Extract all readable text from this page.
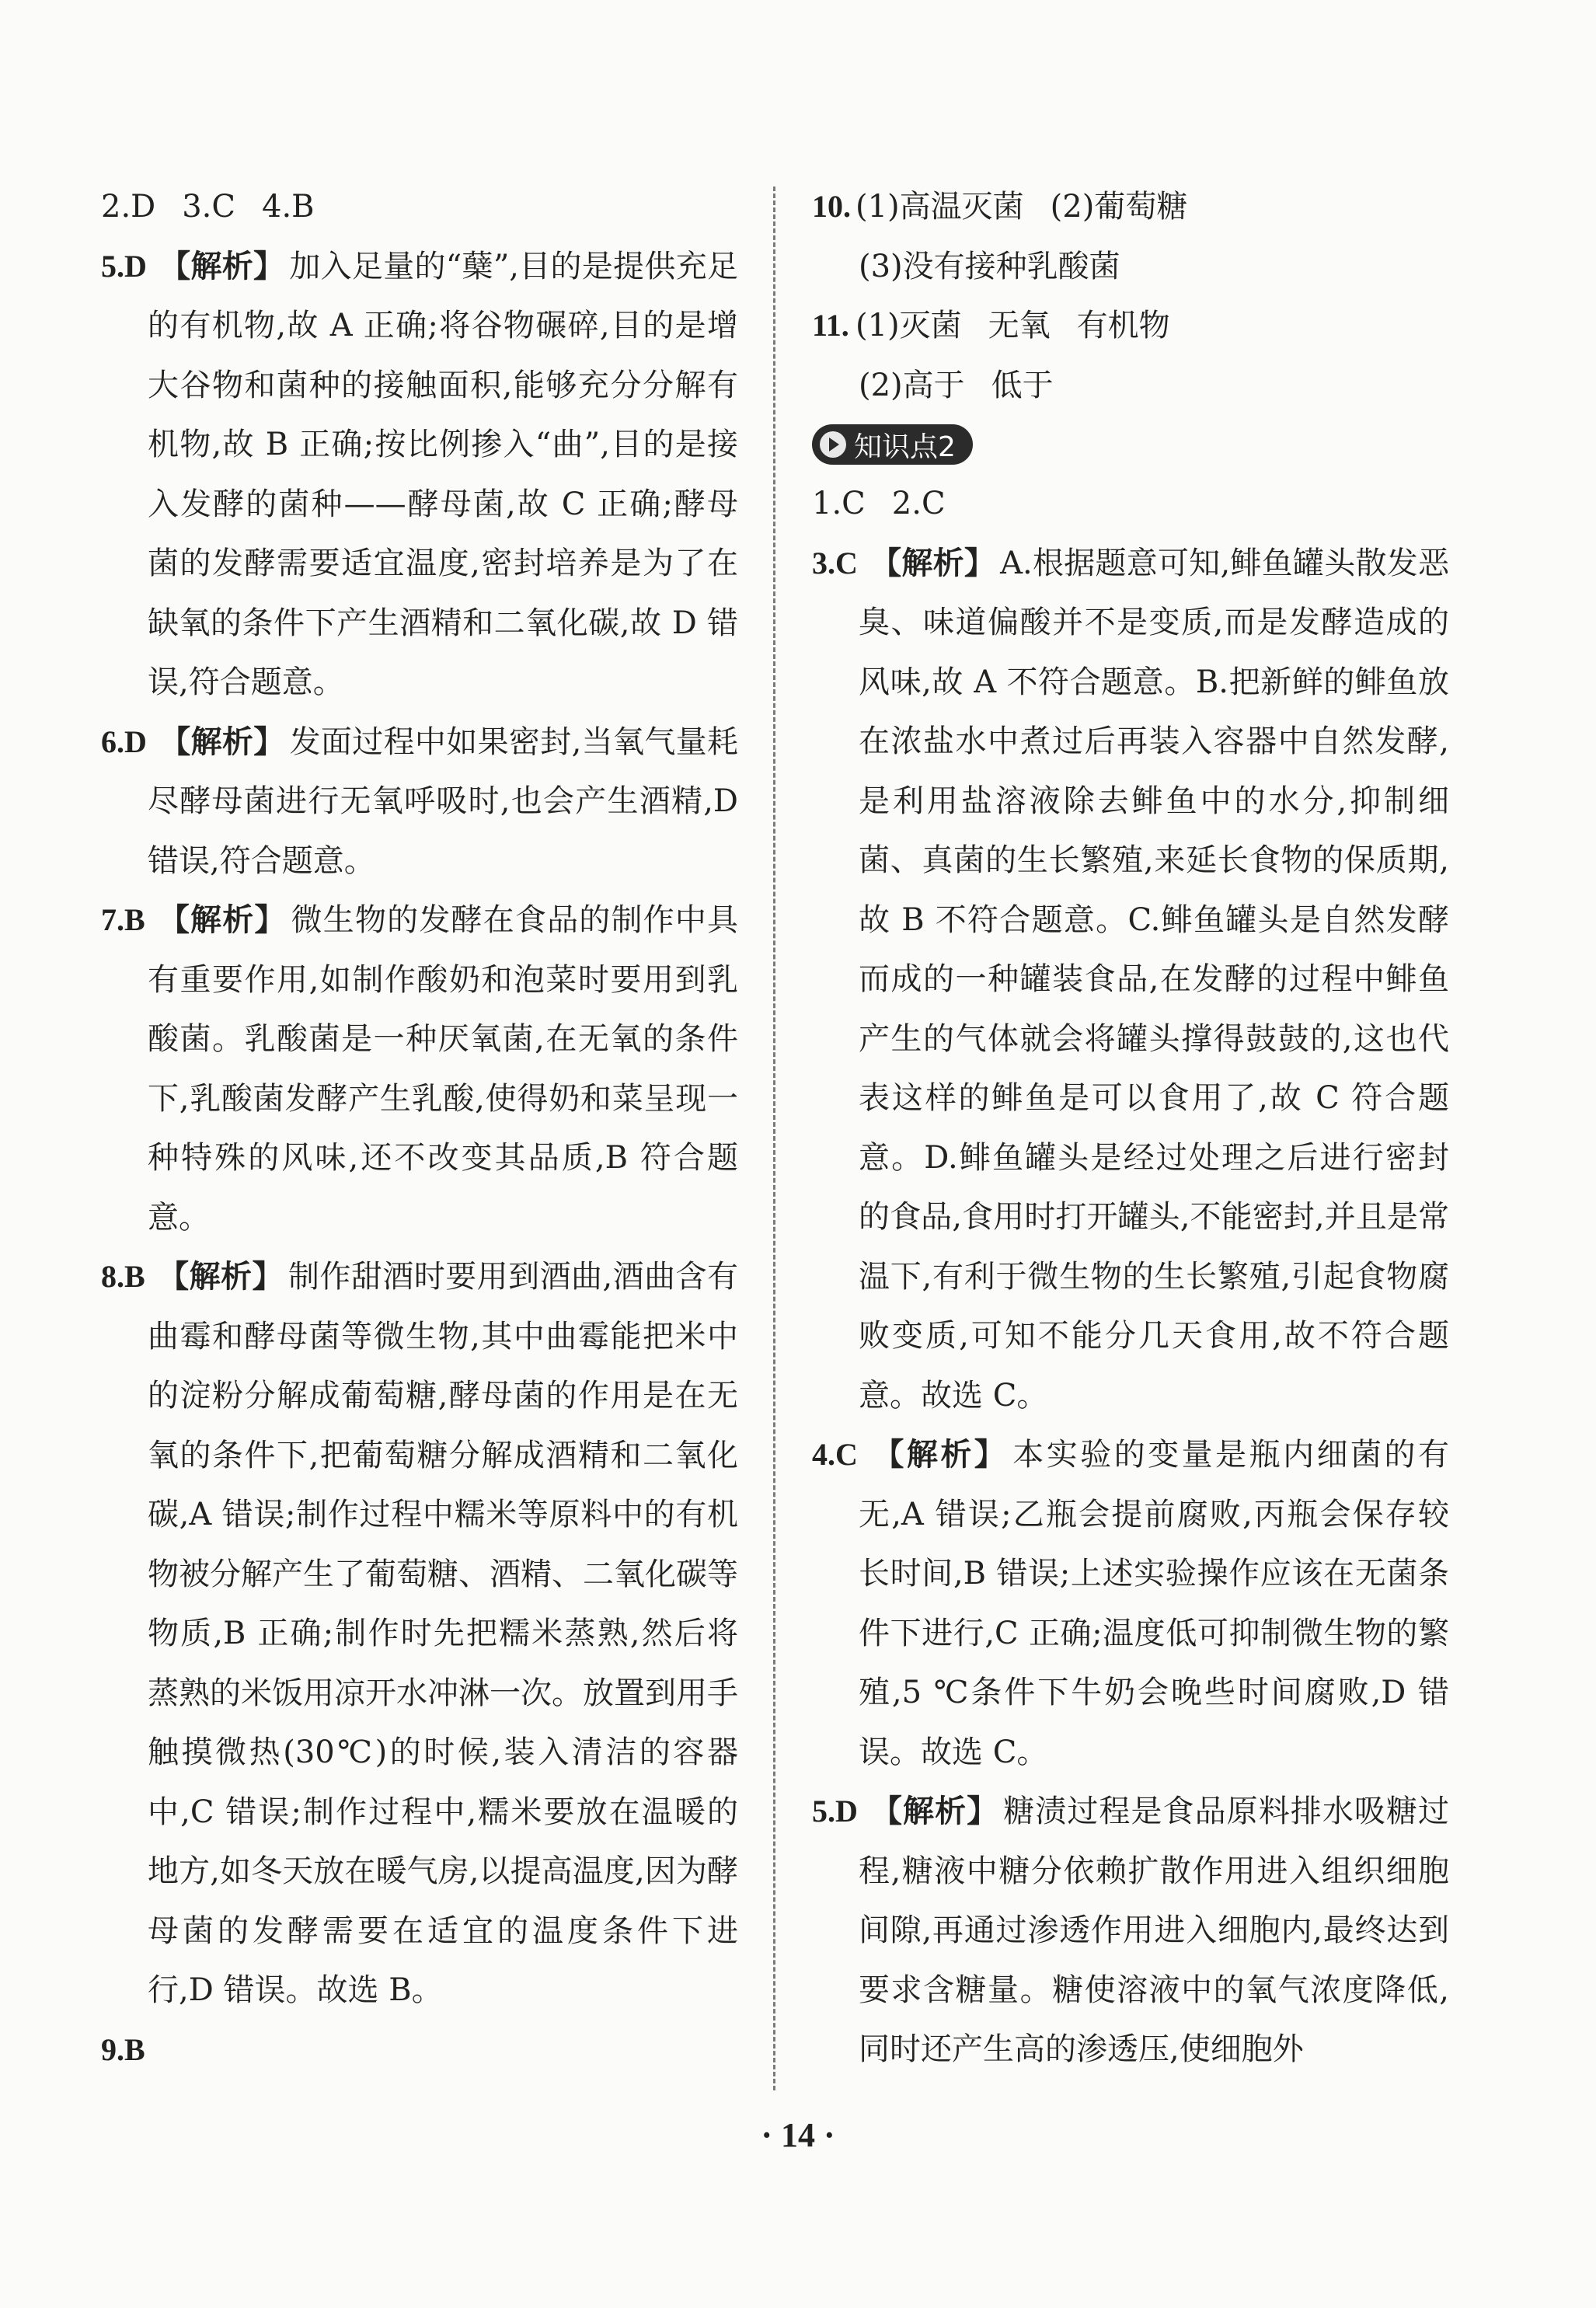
2.D 3.C 4.B

5.D 【解析】 加入足量的“蘖”,目的是提供充足的有机物,故 A 正确;将谷物碾碎,目的是增大谷物和菌种的接触面积,能够充分分解有机物,故 B 正确;按比例掺入“曲”,目的是接入发酵的菌种——酵母菌,故 C 正确;酵母菌的发酵需要适宜温度,密封培养是为了在缺氧的条件下产生酒精和二氧化碳,故 D 错误,符合题意。

6.D 【解析】 发面过程中如果密封,当氧气量耗尽酵母菌进行无氧呼吸时,也会产生酒精,D 错误,符合题意。

7.B 【解析】 微生物的发酵在食品的制作中具有重要作用,如制作酸奶和泡菜时要用到乳酸菌。乳酸菌是一种厌氧菌,在无氧的条件下,乳酸菌发酵产生乳酸,使得奶和菜呈现一种特殊的风味,还不改变其品质,B 符合题意。

8.B 【解析】 制作甜酒时要用到酒曲,酒曲含有曲霉和酵母菌等微生物,其中曲霉能把米中的淀粉分解成葡萄糖,酵母菌的作用是在无氧的条件下,把葡萄糖分解成酒精和二氧化碳,A 错误;制作过程中糯米等原料中的有机物被分解产生了葡萄糖、酒精、二氧化碳等物质,B 正确;制作时先把糯米蒸熟,然后将蒸熟的米饭用凉开水冲淋一次。放置到用手触摸微热(30℃)的时候,装入清洁的容器中,C 错误;制作过程中,糯米要放在温暖的地方,如冬天放在暖气房,以提高温度,因为酵母菌的发酵需要在适宜的温度条件下进行,D 错误。故选 B。

9.B

10. (1)高温灭菌 (2)葡萄糖
(3)没有接种乳酸菌

11. (1)灭菌 无氧 有机物
(2)高于 低于

知识点2

1.C 2.C

3.C 【解析】 A.根据题意可知,鲱鱼罐头散发恶臭、味道偏酸并不是变质,而是发酵造成的风味,故 A 不符合题意。B.把新鲜的鲱鱼放在浓盐水中煮过后再装入容器中自然发酵,是利用盐溶液除去鲱鱼中的水分,抑制细菌、真菌的生长繁殖,来延长食物的保质期,故 B 不符合题意。C.鲱鱼罐头是自然发酵而成的一种罐装食品,在发酵的过程中鲱鱼产生的气体就会将罐头撑得鼓鼓的,这也代表这样的鲱鱼是可以食用了,故 C 符合题意。D.鲱鱼罐头是经过处理之后进行密封的食品,食用时打开罐头,不能密封,并且是常温下,有利于微生物的生长繁殖,引起食物腐败变质,可知不能分几天食用,故不符合题意。故选 C。

4.C 【解析】 本实验的变量是瓶内细菌的有无,A 错误;乙瓶会提前腐败,丙瓶会保存较长时间,B 错误;上述实验操作应该在无菌条件下进行,C 正确;温度低可抑制微生物的繁殖,5 ℃条件下牛奶会晚些时间腐败,D 错误。故选 C。

5.D 【解析】 糖渍过程是食品原料排水吸糖过程,糖液中糖分依赖扩散作用进入组织细胞间隙,再通过渗透作用进入细胞内,最终达到要求含糖量。糖使溶液中的氧气浓度降低,同时还产生高的渗透压,使细胞外

· 14 ·
